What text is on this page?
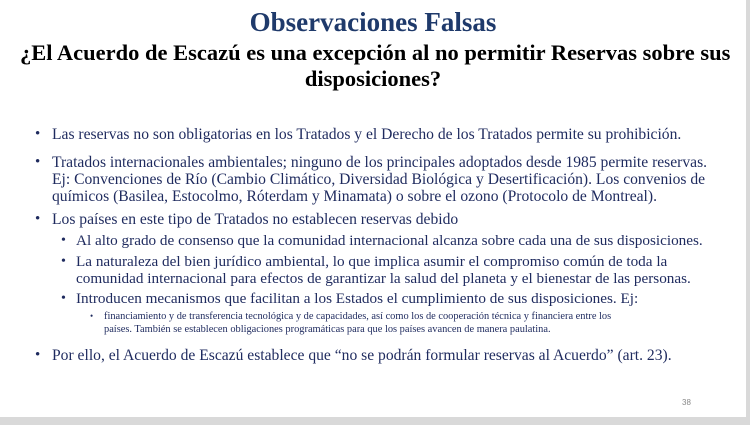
Observaciones Falsas
¿El Acuerdo de Escazú es una excepción al no permitir Reservas sobre sus
disposiciones?
• Las reservas no son obligatorias en los Tratados y el Derecho de los Tratados permite su prohibición.
• Tratados internacionales ambientales; ninguno de los principales adoptados desde 1985 permite reservas.
Ej: Convenciones de Río (Cambio Climático, Diversidad Biológica y Desertificación). Los convenios de
químicos (Basilea, Estocolmo, Róterdam y Minamata) o sobre el ozono (Protocolo de Montreal).
• Los países en este tipo de Tratados no establecen reservas debido
• Al alto grado de consenso que la comunidad internacional alcanza sobre cada una de sus disposiciones.
• La naturaleza del bien jurídico ambiental, lo que implica asumir el compromiso común de toda la
comunidad internacional para efectos de garantizar la salud del planeta y el bienestar de las personas.
• Introducen mecanismos que facilitan a los Estados el cumplimiento de sus disposiciones. Ej:
• financiamiento y de transferencia tecnológica y de capacidades, así como los de cooperación técnica y financiera entre los
países. También se establecen obligaciones programáticas para que los países avancen de manera paulatina.
• Por ello, el Acuerdo de Escazú establece que “no se podrán formular reservas al Acuerdo” (art. 23).
38
